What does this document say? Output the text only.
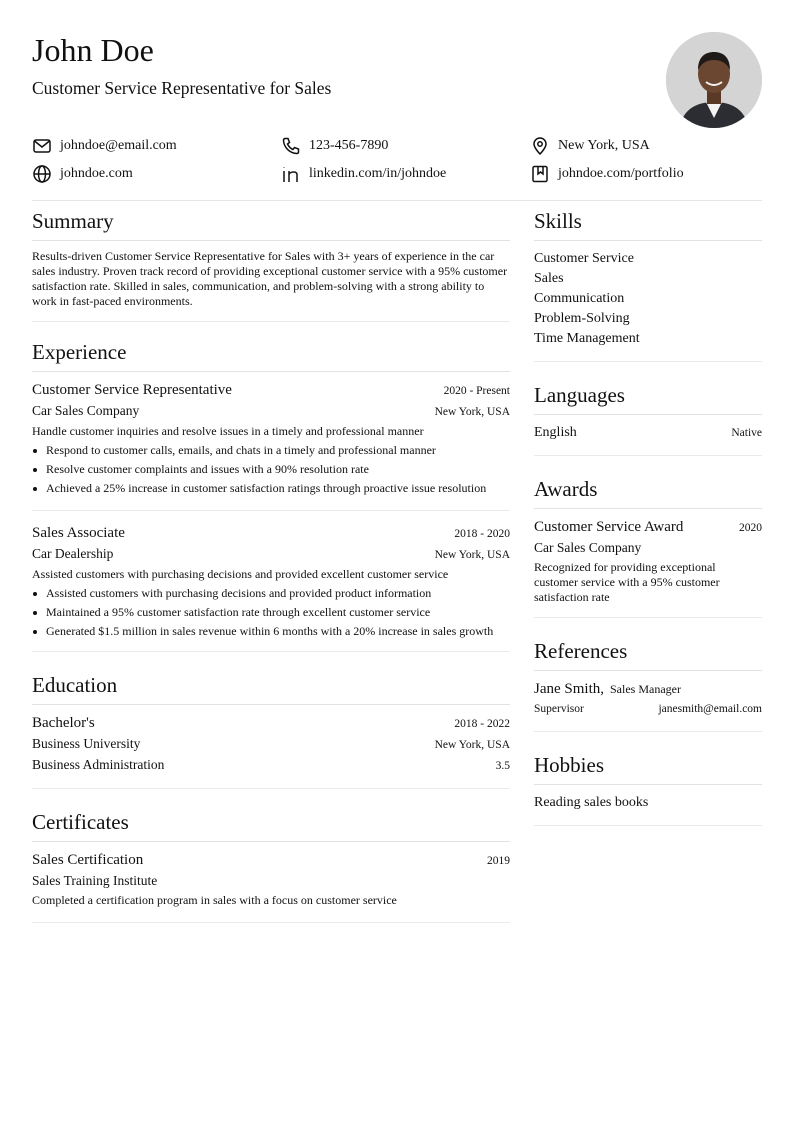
John Doe
Customer Service Representative for Sales
johndoe@email.com	123-456-7890	New York, USA
johndoe.com	linkedin.com/in/johndoe	johndoe.com/portfolio
Summary

Results-driven Customer Service Representative for Sales with 3+ years of experience in the car sales industry. Proven track record of providing exceptional customer service with a 95% customer satisfaction rate. Skilled in sales, communication, and problem-solving with a strong ability to work in fast-paced environments.

Experience
Customer Service Representative	2020 - Present
Car Sales Company	New York, USA

Handle customer inquiries and resolve issues in a timely and professional manner

Respond to customer calls, emails, and chats in a timely and professional manner
Resolve customer complaints and issues with a 90% resolution rate
Achieved a 25% increase in customer satisfaction ratings through proactive issue resolution
Sales Associate	2018 - 2020
Car Dealership	New York, USA

Assisted customers with purchasing decisions and provided excellent customer service

Assisted customers with purchasing decisions and provided product information
Maintained a 95% customer satisfaction rate through excellent customer service
Generated $1.5 million in sales revenue within 6 months with a 20% increase in sales growth
Education
Bachelor's	2018 - 2022
Business University	New York, USA
Business Administration	3.5
Certificates
Sales Certification	2019
Sales Training Institute

Completed a certification program in sales with a focus on customer service

Skills
Customer Service
Sales
Communication
Problem-Solving
Time Management
Languages
English	Native
Awards
Customer Service Award	2020
Car Sales Company

Recognized for providing exceptional customer service with a 95% customer satisfaction rate

References
Jane Smith, Sales Manager
Supervisor	janesmith@email.com
Hobbies
Reading sales books
